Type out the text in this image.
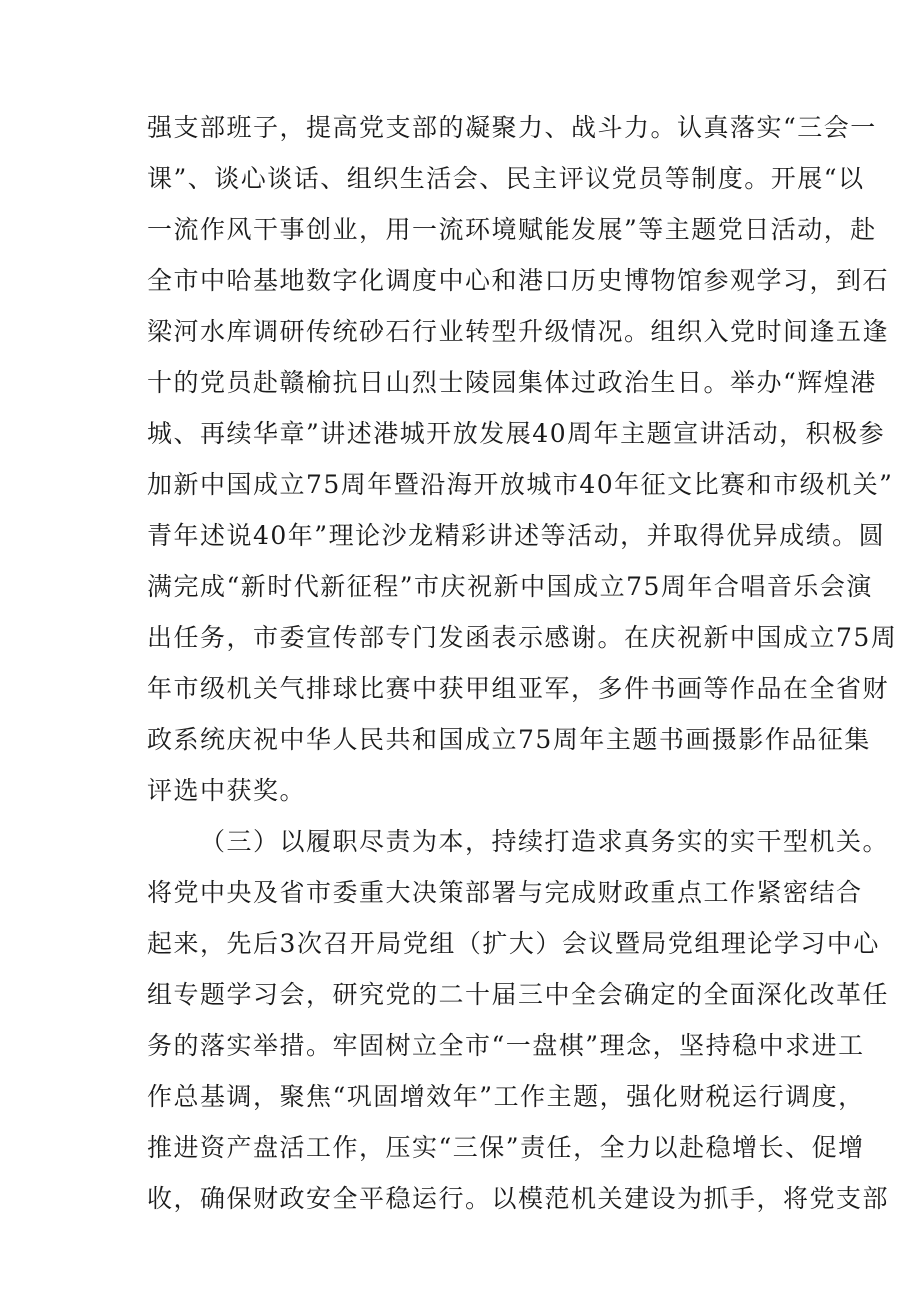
强支部班子，提高党支部的凝聚力、战斗力。认真落实“三会一
课”、谈心谈话、组织生活会、民主评议党员等制度。开展“以
一流作风干事创业，用一流环境赋能发展”等主题党日活动，赴
全市中哈基地数字化调度中心和港口历史博物馆参观学习，到石
梁河水库调研传统砂石行业转型升级情况。组织入党时间逢五逢
十的党员赴赣榆抗日山烈士陵园集体过政治生日。举办“辉煌港
城、再续华章”讲述港城开放发展40周年主题宣讲活动，积极参
加新中国成立75周年暨沿海开放城市40年征文比赛和市级机关”
青年述说40年”理论沙龙精彩讲述等活动，并取得优异成绩。圆
满完成“新时代新征程”市庆祝新中国成立75周年合唱音乐会演
出任务，市委宣传部专门发函表示感谢。在庆祝新中国成立75周
年市级机关气排球比赛中获甲组亚军，多件书画等作品在全省财
政系统庆祝中华人民共和国成立75周年主题书画摄影作品征集
评选中获奖。
（三）以履职尽责为本，持续打造求真务实的实干型机关。
将党中央及省市委重大决策部署与完成财政重点工作紧密结合
起来，先后3次召开局党组（扩大）会议暨局党组理论学习中心
组专题学习会，研究党的二十届三中全会确定的全面深化改革任
务的落实举措。牢固树立全市“一盘棋”理念，坚持稳中求进工
作总基调，聚焦“巩固增效年”工作主题，强化财税运行调度，
推进资产盘活工作，压实“三保”责任，全力以赴稳增长、促增
收，确保财政安全平稳运行。以模范机关建设为抓手，将党支部
